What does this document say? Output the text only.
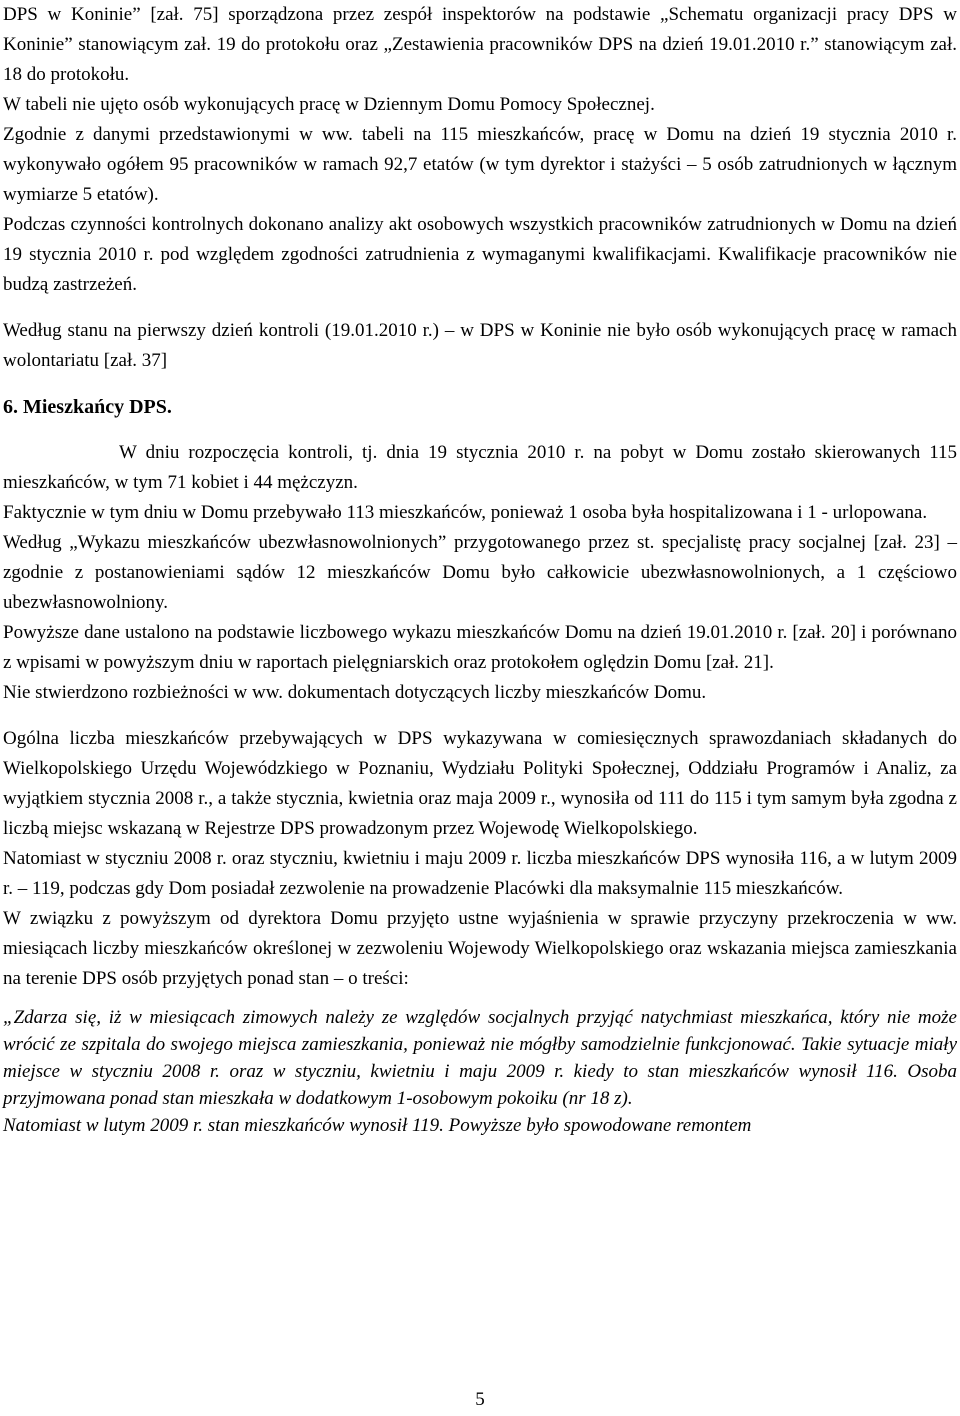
DPS w Koninie” [zał. 75] sporządzona przez zespół inspektorów na podstawie „Schematu organizacji pracy DPS w Koninie” stanowiącym zał. 19 do protokołu oraz „Zestawienia pracowników DPS na dzień 19.01.2010 r.” stanowiącym zał. 18 do protokołu.

W tabeli nie ujęto osób wykonujących pracę w Dziennym Domu Pomocy Społecznej.

Zgodnie z danymi przedstawionymi w ww. tabeli na 115 mieszkańców, pracę w Domu na dzień 19 stycznia 2010 r. wykonywało ogółem 95 pracowników w ramach 92,7 etatów (w tym dyrektor i stażyści – 5 osób zatrudnionych w łącznym wymiarze 5 etatów).

Podczas czynności kontrolnych dokonano analizy akt osobowych wszystkich pracowników zatrudnionych w Domu na dzień 19 stycznia 2010 r. pod względem zgodności zatrudnienia z wymaganymi kwalifikacjami. Kwalifikacje pracowników nie budzą zastrzeżeń.

Według stanu na pierwszy dzień kontroli (19.01.2010 r.) – w DPS w Koninie nie było osób wykonujących pracę w ramach wolontariatu [zał. 37]

6. Mieszkańcy DPS.

W dniu rozpoczęcia kontroli, tj. dnia 19 stycznia 2010 r. na pobyt w Domu zostało skierowanych 115 mieszkańców, w tym 71 kobiet i 44 mężczyzn.

Faktycznie w tym dniu w Domu przebywało 113 mieszkańców, ponieważ 1 osoba była hospitalizowana i 1 - urlopowana.

Według „Wykazu mieszkańców ubezwłasnowolnionych” przygotowanego przez st. specjalistę pracy socjalnej [zał. 23] – zgodnie z postanowieniami sądów 12 mieszkańców Domu było całkowicie ubezwłasnowolnionych, a 1 częściowo ubezwłasnowolniony.

Powyższe dane ustalono na podstawie liczbowego wykazu mieszkańców Domu na dzień 19.01.2010 r. [zał. 20] i porównano z wpisami w powyższym dniu w raportach pielęgniarskich oraz protokołem oględzin Domu [zał. 21].

Nie stwierdzono rozbieżności w ww. dokumentach dotyczących liczby mieszkańców Domu.

Ogólna liczba mieszkańców przebywających w DPS wykazywana w comiesięcznych sprawozdaniach składanych do Wielkopolskiego Urzędu Wojewódzkiego w Poznaniu, Wydziału Polityki Społecznej, Oddziału Programów i Analiz, za wyjątkiem stycznia 2008 r., a także stycznia, kwietnia oraz maja 2009 r., wynosiła od 111 do 115 i tym samym była zgodna z liczbą miejsc wskazaną w Rejestrze DPS prowadzonym przez Wojewodę Wielkopolskiego.

Natomiast w styczniu 2008 r. oraz styczniu, kwietniu i maju 2009 r. liczba mieszkańców DPS wynosiła 116, a w lutym 2009 r. – 119, podczas gdy Dom posiadał zezwolenie na prowadzenie Placówki dla maksymalnie 115 mieszkańców.

W związku z powyższym od dyrektora Domu przyjęto ustne wyjaśnienia w sprawie przyczyny przekroczenia w ww. miesiącach liczby mieszkańców określonej w zezwoleniu Wojewody Wielkopolskiego oraz wskazania miejsca zamieszkania na terenie DPS osób przyjętych ponad stan – o treści:

„Zdarza się, iż w miesiącach zimowych należy ze względów socjalnych przyjąć natychmiast mieszkańca, który nie może wrócić ze szpitala do swojego miejsca zamieszkania, ponieważ nie mógłby samodzielnie funkcjonować. Takie sytuacje miały miejsce w styczniu 2008 r. oraz w styczniu, kwietniu i maju 2009 r. kiedy to stan mieszkańców wynosił 116. Osoba przyjmowana ponad stan mieszkała w dodatkowym 1-osobowym pokoiku (nr 18 z).

Natomiast w lutym 2009 r. stan mieszkańców wynosił 119. Powyższe było spowodowane remontem

5
